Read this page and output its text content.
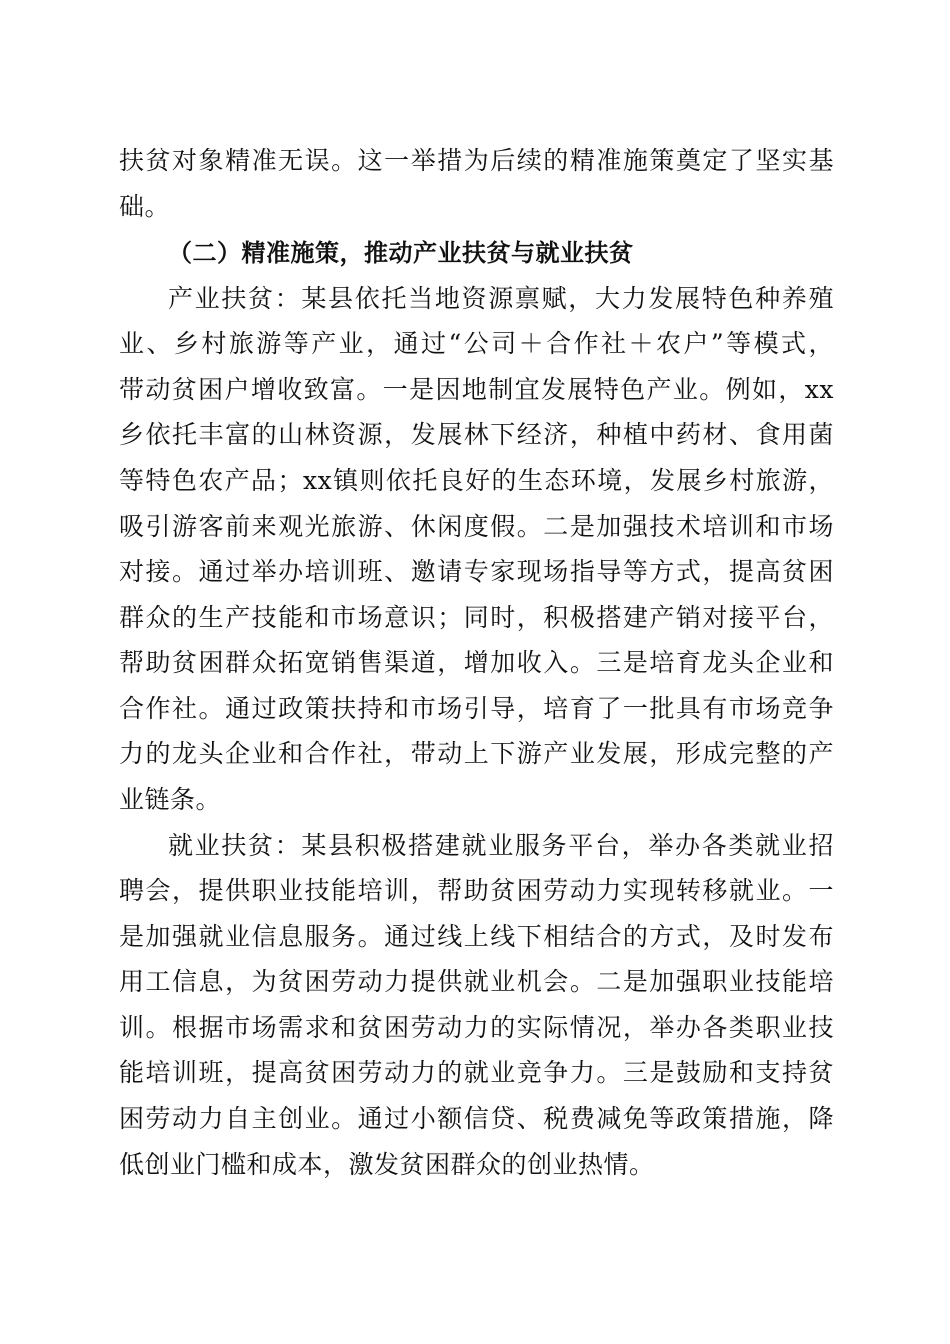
扶贫对象精准无误。这一举措为后续的精准施策奠定了坚实基

础。

（二）精准施策，推动产业扶贫与就业扶贫

产业扶贫：某县依托当地资源禀赋，大力发展特色种养殖

业、乡村旅游等产业，通过“公司＋合作社＋农户”等模式，

带动贫困户增收致富。一是因地制宜发展特色产业。例如，xx

乡依托丰富的山林资源，发展林下经济，种植中药材、食用菌

等特色农产品；xx镇则依托良好的生态环境，发展乡村旅游，

吸引游客前来观光旅游、休闲度假。二是加强技术培训和市场

对接。通过举办培训班、邀请专家现场指导等方式，提高贫困

群众的生产技能和市场意识；同时，积极搭建产销对接平台，

帮助贫困群众拓宽销售渠道，增加收入。三是培育龙头企业和

合作社。通过政策扶持和市场引导，培育了一批具有市场竞争

力的龙头企业和合作社，带动上下游产业发展，形成完整的产

业链条。

就业扶贫：某县积极搭建就业服务平台，举办各类就业招

聘会，提供职业技能培训，帮助贫困劳动力实现转移就业。一

是加强就业信息服务。通过线上线下相结合的方式，及时发布

用工信息，为贫困劳动力提供就业机会。二是加强职业技能培

训。根据市场需求和贫困劳动力的实际情况，举办各类职业技

能培训班，提高贫困劳动力的就业竞争力。三是鼓励和支持贫

困劳动力自主创业。通过小额信贷、税费减免等政策措施，降

低创业门槛和成本，激发贫困群众的创业热情。
